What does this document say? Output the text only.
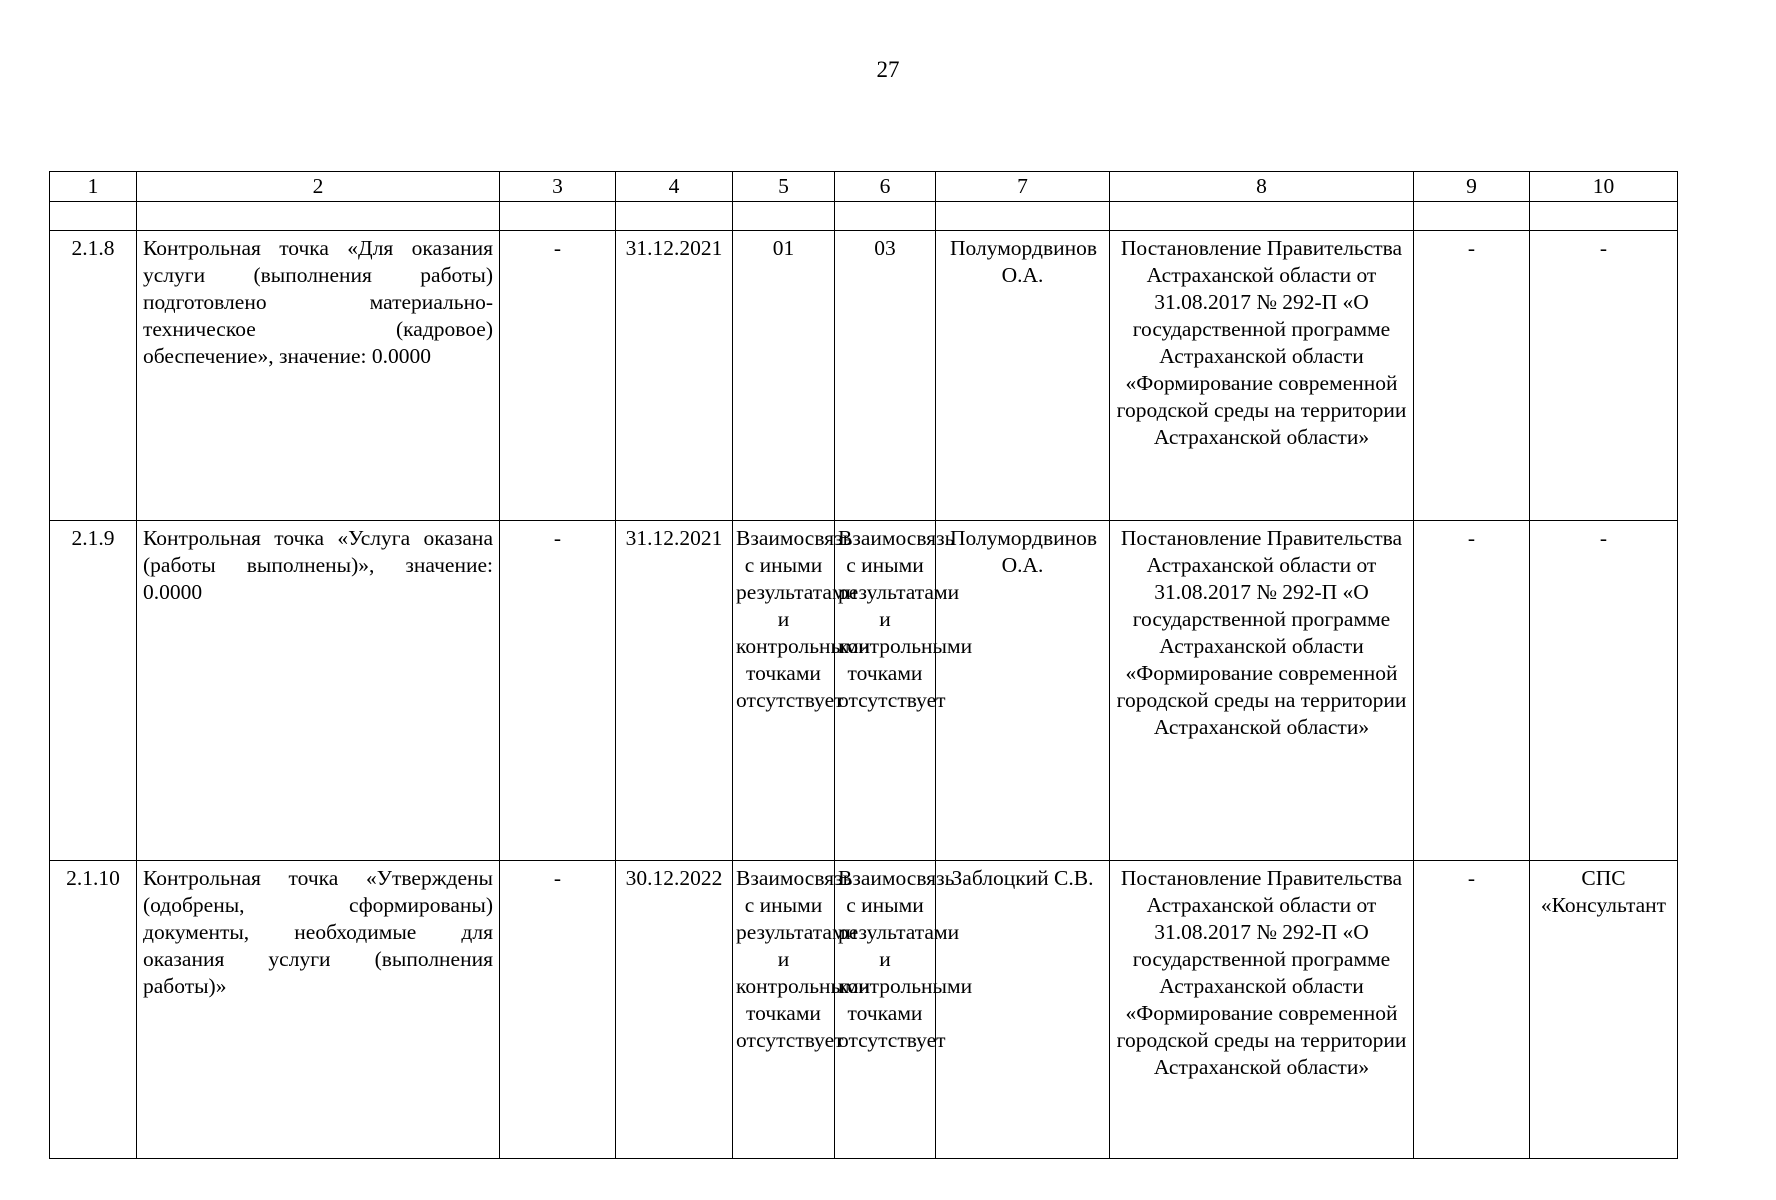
27
1	2	3	4	5	6	7	8	9	10

2.1.8	Контрольная точка «Для оказания услуги (выполнения работы) подготовлено материально-техническое (кадровое) обеспечение», значение: 0.0000	-	31.12.2021	01	03	Полумордвинов О.А.	Постановление Правительства Астраханской области от 31.08.2017 № 292-П «О государственной программе Астраханской области «Формирование современной городской среды на территории Астраханской области»	-	-
2.1.9	Контрольная точка «Услуга оказана (работы выполнены)», значение: 0.0000	-	31.12.2021	Взаимосвязь с иными результатами и контрольными точками отсутствует	Взаимосвязь с иными результатами и контрольными точками отсутствует	Полумордвинов О.А.	Постановление Правительства Астраханской области от 31.08.2017 № 292-П «О государственной программе Астраханской области «Формирование современной городской среды на территории Астраханской области»	-	-
2.1.10	Контрольная точка «Утверждены (одобрены, сформированы) документы, необходимые для оказания услуги (выполнения работы)»	-	30.12.2022	Взаимосвязь с иными результатами и контрольными точками отсутствует	Взаимосвязь с иными результатами и контрольными точками отсутствует	Заблоцкий С.В.	Постановление Правительства Астраханской области от 31.08.2017 № 292-П «О государственной программе Астраханской области «Формирование современной городской среды на территории Астраханской области»	-	СПС «Консультант
